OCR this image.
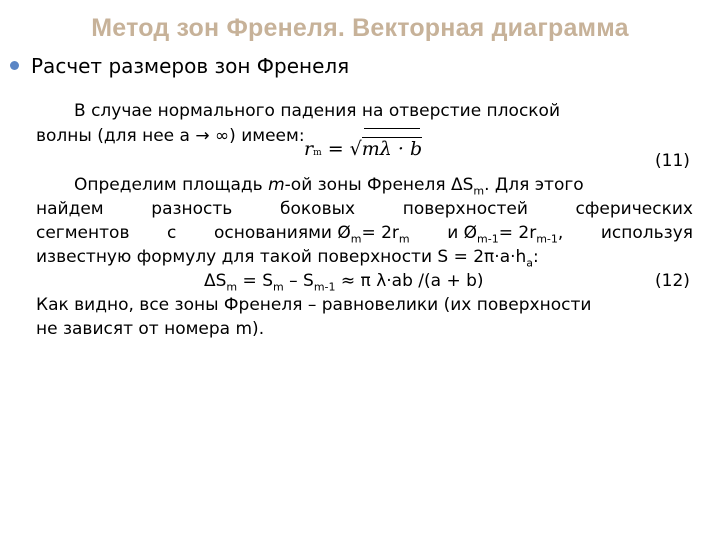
Метод зон Френеля. Векторная диаграмма
Расчет размеров зон Френеля
В случае нормального падения на отверстие плоской
волны (для нее a → ∞) имеем:
rm = √mλ · b
(11)
Определим площадь m-ой зоны Френеля $\Delta S_m$. Для этого
найдем	разность	боковых	поверхностей	сферических
сегментов с основаниями $Ø_m= 2r_m$ и $Ø_{m-1}= 2r_{m-1}$, используя
известную формулу для такой поверхности $S = 2\pi\cdot a\cdot h_a$:
$\Delta S_m = S_m - S_{m-1} \approx \pi$ λ·ab /(a + b)	(12)
Как видно, все зоны Френеля – равновелики (их поверхности
не зависят от номера m).
